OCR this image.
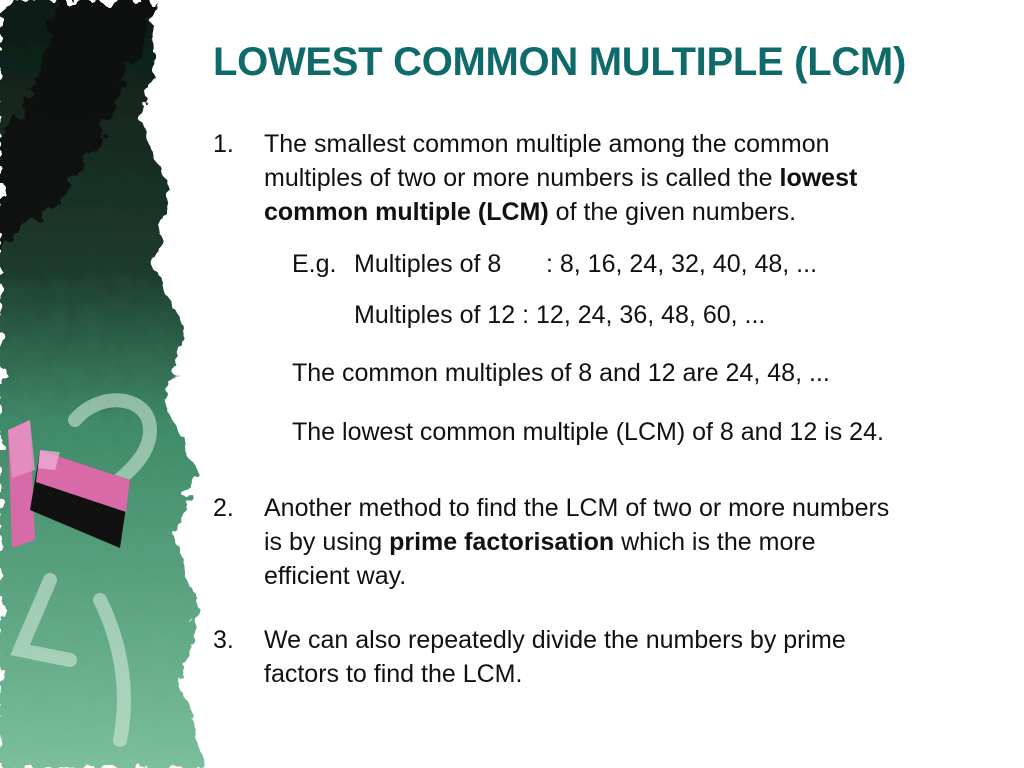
LOWEST COMMON MULTIPLE (LCM)
1.	The smallest common multiple among the common
multiples of two or more numbers is called the lowest
common multiple (LCM) of the given numbers.
E.g. Multiples of 8 : 8, 16, 24, 32, 40, 48, ...
Multiples of 12 : 12, 24, 36, 48, 60, ...
The common multiples of 8 and 12 are 24, 48, ...
The lowest common multiple (LCM) of 8 and 12 is 24.
2.	Another method to find the LCM of two or more numbers
is by using prime factorisation which is the more
efficient way.
3.	We can also repeatedly divide the numbers by prime
factors to find the LCM.
